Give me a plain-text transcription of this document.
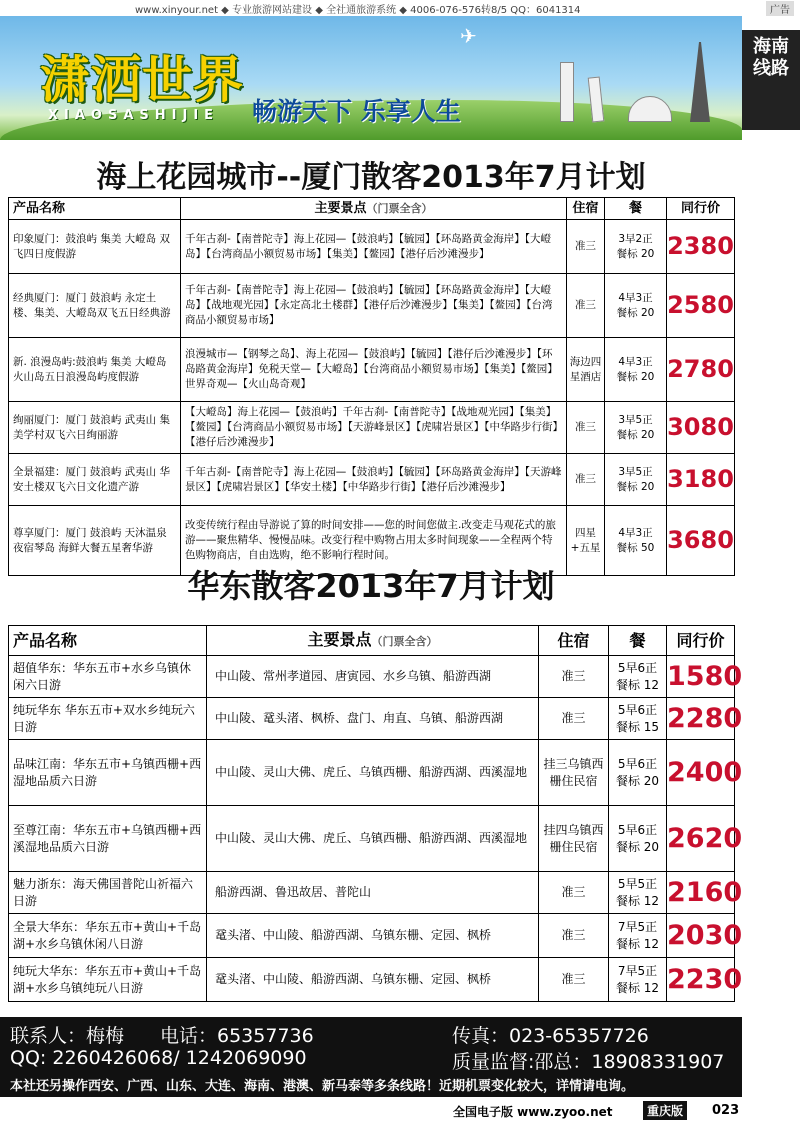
www.xinyour.net ◆ 专业旅游网站建设 ◆ 全社通旅游系统 ◆ 4006-076-576转8/5 QQ：6041314	广告
✈
潇洒世界
XIAOSASHIJIE 畅游天下 乐享人生
海南线路
海上花园城市--厦门散客2013年7月计划
产品名称	主要景点（门票全含）	住宿	餐	同行价
印象厦门：鼓浪屿 集美 大嶝岛 双飞四日度假游	千年古刹-【南普陀寺】海上花园—【鼓浪屿】【毓园】【环岛路黄金海岸】【大嶝岛】【台湾商品小额贸易市场】【集美】【鳌园】【港仔后沙滩漫步】	准三	3早2正
餐标 20	2380
经典厦门：厦门 鼓浪屿 永定土楼、集美、大嶝岛双飞五日经典游	千年古刹-【南普陀寺】海上花园—【鼓浪屿】【毓园】【环岛路黄金海岸】【大嶝岛】【战地观光园】【永定高北土楼群】【港仔后沙滩漫步】【集美】【鳌园】【台湾商品小额贸易市场】	准三	4早3正
餐标 20	2580
新. 浪漫岛屿:鼓浪屿 集美 大嶝岛 火山岛五日浪漫岛屿度假游	浪漫城市—【钢琴之岛】、海上花园—【鼓浪屿】【毓园】【港仔后沙滩漫步】【环岛路黄金海岸】免税天堂—【大嶝岛】【台湾商品小额贸易市场】【集美】【鳌园】世界奇观—【火山岛奇观】	海边四星酒店	4早3正
餐标 20	2780
绚丽厦门：厦门 鼓浪屿 武夷山 集美学村双飞六日绚丽游	【大嶝岛】海上花园—【鼓浪屿】千年古刹-【南普陀寺】【战地观光园】【集美】【鳌园】【台湾商品小额贸易市场】【天游峰景区】【虎啸岩景区】【中华路步行街】【港仔后沙滩漫步】	准三	3早5正
餐标 20	3080
全景福建：厦门 鼓浪屿 武夷山 华安土楼双飞六日文化遗产游	千年古刹-【南普陀寺】海上花园—【鼓浪屿】【毓园】【环岛路黄金海岸】【天游峰景区】【虎啸岩景区】【华安土楼】【中华路步行街】【港仔后沙滩漫步】	准三	3早5正
餐标 20	3180
尊享厦门：厦门 鼓浪屿 天沐温泉 夜宿琴岛 海鲜大餐五星奢华游	改变传统行程由导游说了算的时间安排——您的时间您做主.改变走马观花式的旅游——聚焦精华、慢慢品味。改变行程中购物占用太多时间现象——全程两个特色购物商店，自由选购，绝不影响行程时间。	四星+五星	4早3正
餐标 50	3680
华东散客2013年7月计划
产品名称	主要景点（门票全含）	住宿	餐	同行价
超值华东：华东五市+水乡乌镇休闲六日游	中山陵、常州孝道园、唐寅园、水乡乌镇、船游西湖	准三	5早6正
餐标 12	1580
纯玩华东 华东五市+双水乡纯玩六日游	中山陵、鼋头渚、枫桥、盘门、甪直、乌镇、船游西湖	准三	5早6正
餐标 15	2280
品味江南：华东五市+乌镇西栅+西湿地品质六日游	中山陵、灵山大佛、虎丘、乌镇西栅、船游西湖、西溪湿地	挂三乌镇西栅住民宿	5早6正
餐标 20	2400
至尊江南：华东五市+乌镇西栅+西溪湿地品质六日游	中山陵、灵山大佛、虎丘、乌镇西栅、船游西湖、西溪湿地	挂四乌镇西栅住民宿	5早6正
餐标 20	2620
魅力浙东：海天佛国普陀山祈福六日游	船游西湖、鲁迅故居、普陀山	准三	5早5正
餐标 12	2160
全景大华东：华东五市+黄山+千岛湖+水乡乌镇休闲八日游	鼋头渚、中山陵、船游西湖、乌镇东栅、定园、枫桥	准三	7早5正
餐标 12	2030
纯玩大华东：华东五市+黄山+千岛湖+水乡乌镇纯玩八日游	鼋头渚、中山陵、船游西湖、乌镇东栅、定园、枫桥	准三	7早5正
餐标 12	2230
联系人：梅梅 电话：65357736	传真：023-65357726
QQ: 2260426068/ 1242069090	质量监督:邵总：18908331907
本社还另操作西安、广西、山东、大连、海南、港澳、新马泰等多条线路！近期机票变化较大，详情请电询。
全国电子版 www.zyoo.net	重庆版	023
